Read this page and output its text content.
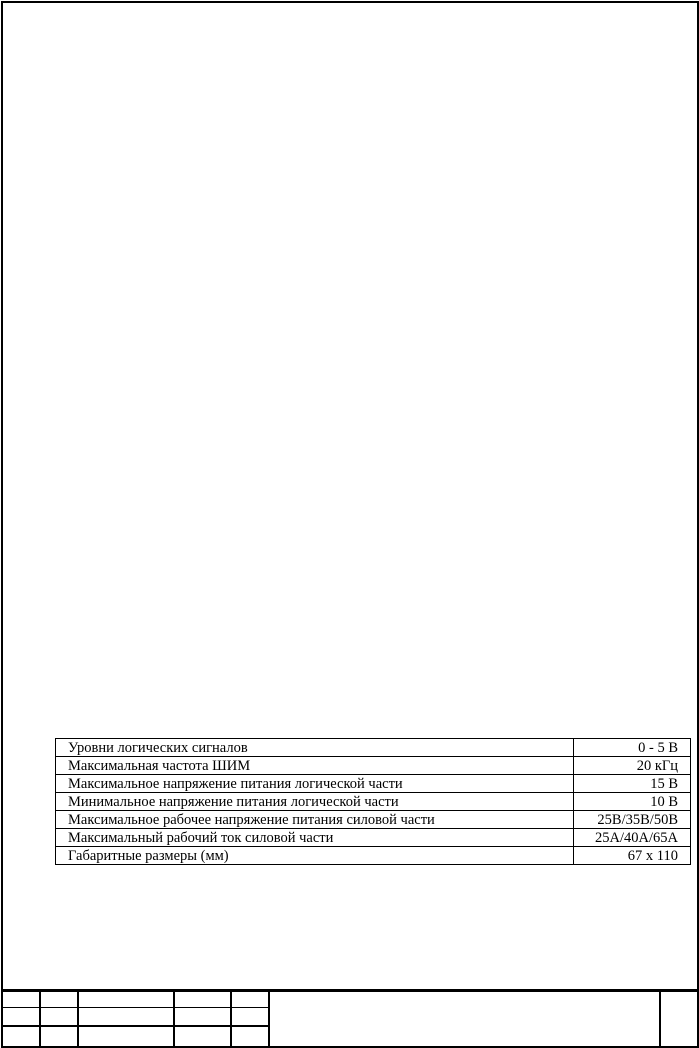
Уровни логических сигналов	0 - 5 В
Максимальная частота ШИМ	20 кГц
Максимальное напряжение питания логической части	15 В
Минимальное напряжение питания логической части	10 В
Максимальное рабочее напряжение питания силовой части	25В/35В/50В
Максимальный рабочий ток силовой части	25А/40А/65А
Габаритные размеры (мм)	67 х 110
